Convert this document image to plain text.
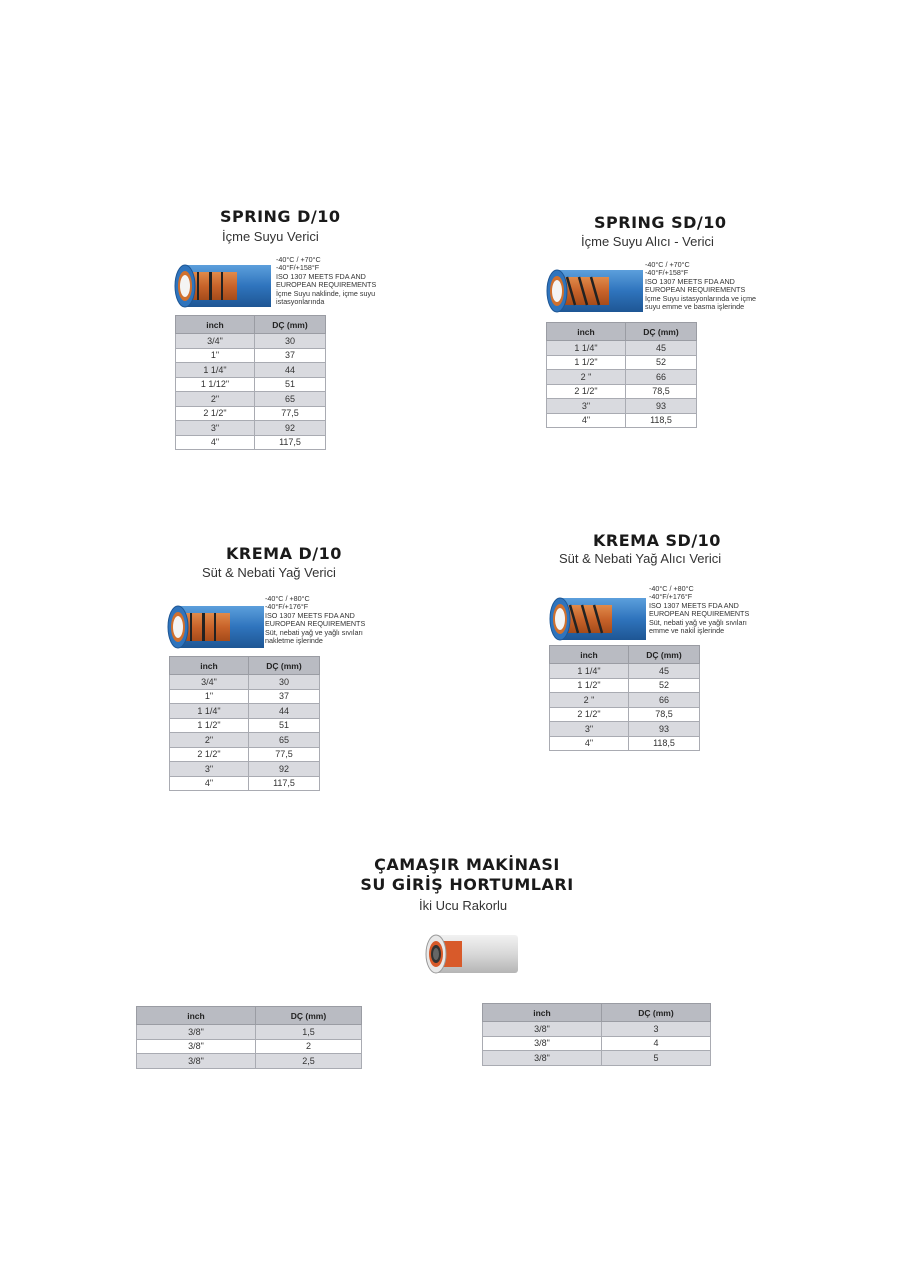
SPRING D/10
İçme Suyu Verici
-40°C / +70°C
-40°F/+158°F
ISO 1307 MEETS FDA AND
EUROPEAN REQUIREMENTS
İçme Suyu naklinde, içme suyu
istasyonlarında
inch	DÇ (mm)
3/4"	30
1"	37
1 1/4"	44
1 1/12"	51
2"	65
2 1/2"	77,5
3"	92
4"	117,5
SPRING SD/10
İçme Suyu Alıcı - Verici
-40°C / +70°C
-40°F/+158°F
ISO 1307 MEETS FDA AND
EUROPEAN REQUIREMENTS
İçme Suyu istasyonlarında ve içme
suyu emme ve basma işlerinde
inch	DÇ (mm)
1 1/4"	45
1 1/2"	52
2 "	66
2 1/2"	78,5
3"	93
4"	118,5
KREMA D/10
Süt & Nebati Yağ Verici
-40°C / +80°C
-40°F/+176°F
ISO 1307 MEETS FDA AND
EUROPEAN REQUIREMENTS
Süt, nebati yağ ve yağlı sıvıları
nakletme işlerinde
inch	DÇ (mm)
3/4"	30
1"	37
1 1/4"	44
1 1/2"	51
2"	65
2 1/2"	77,5
3"	92
4"	117,5
KREMA SD/10
Süt & Nebati Yağ Alıcı Verici
-40°C / +80°C
-40°F/+176°F
ISO 1307 MEETS FDA AND
EUROPEAN REQUIREMENTS
Süt, nebati yağ ve yağlı sıvıları
emme ve nakil işlerinde
inch	DÇ (mm)
1 1/4"	45
1 1/2"	52
2 "	66
2 1/2"	78,5
3"	93
4"	118,5
ÇAMAŞIR MAKİNASI
SU GİRİŞ HORTUMLARI
İki Ucu Rakorlu
inch	DÇ (mm)
3/8"	1,5
3/8"	2
3/8"	2,5
inch	DÇ (mm)
3/8"	3
3/8"	4
3/8"	5
